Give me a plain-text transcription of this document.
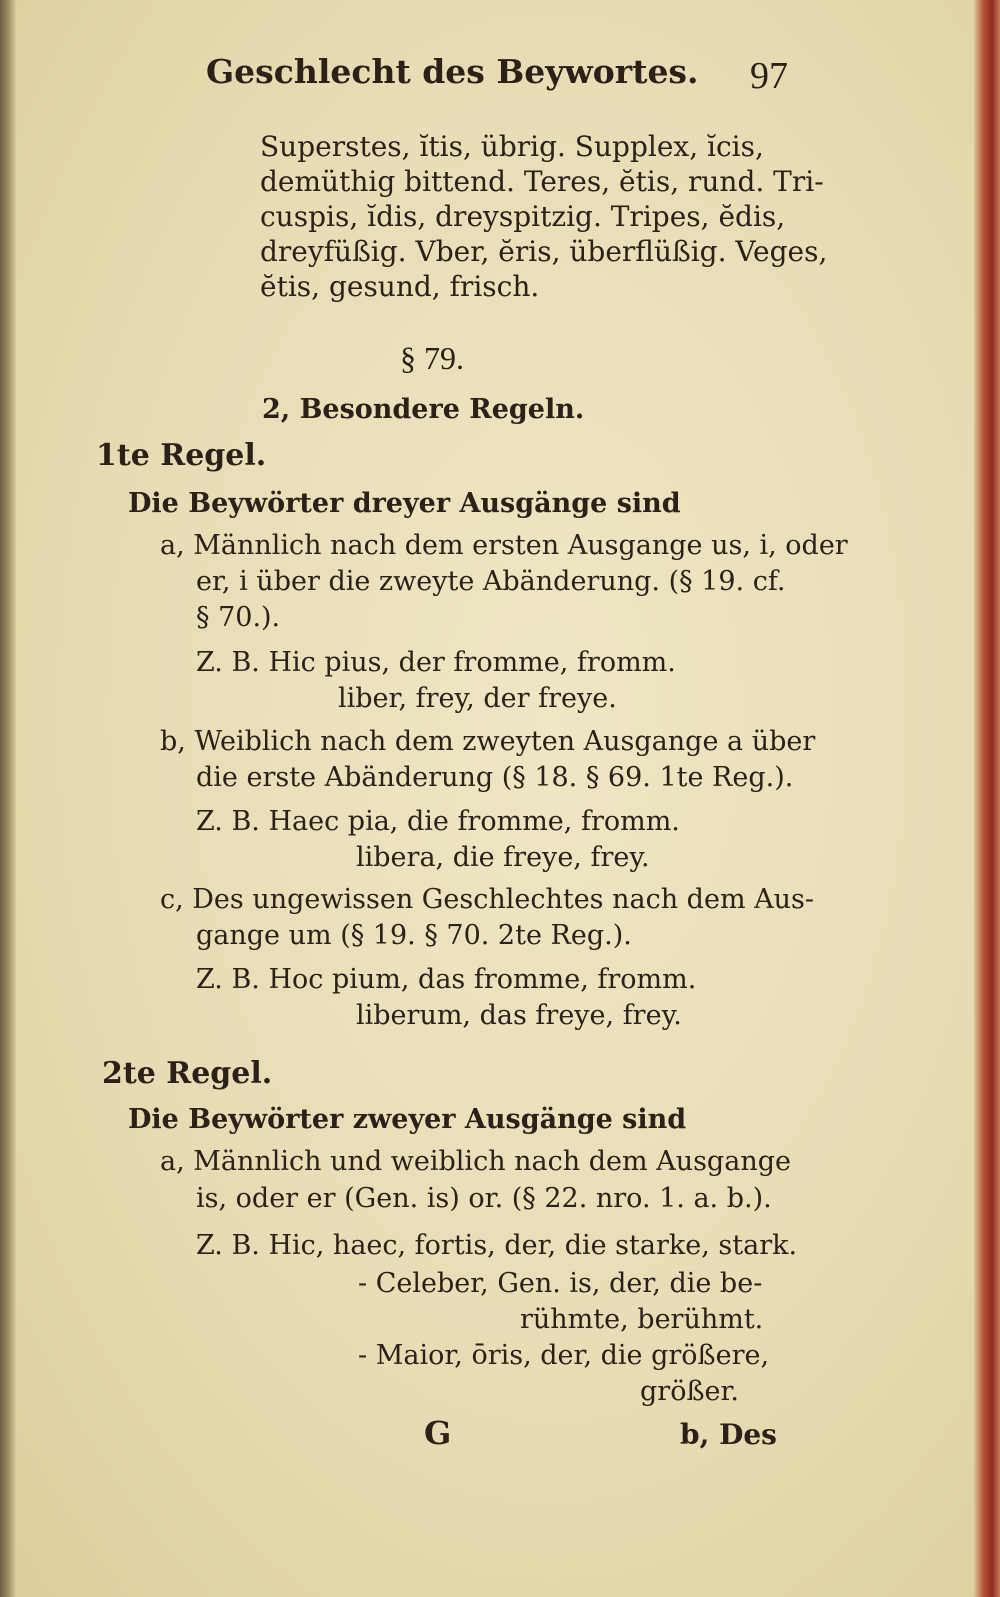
Geschlecht des Beywortes. 97
Superstes, ĭtis, übrig. Supplex, ĭcis,
demüthig bittend. Teres, ĕtis, rund. Tri-
cuspis, ĭdis, dreyspitzig. Tripes, ĕdis,
dreyfüßig. Vber, ĕris, überflüßig. Veges,
ĕtis, gesund, frisch.
§ 79.
2, Besondere Regeln.
1te Regel.
Die Beywörter dreyer Ausgänge sind
a, Männlich nach dem ersten Ausgange us, i, oder
er, i über die zweyte Abänderung. (§ 19. cf.
§ 70.).
Z. B. Hic pius, der fromme, fromm.
liber, frey, der freye.
b, Weiblich nach dem zweyten Ausgange a über
die erste Abänderung (§ 18. § 69. 1te Reg.).
Z. B. Haec pia, die fromme, fromm.
libera, die freye, frey.
c, Des ungewissen Geschlechtes nach dem Aus-
gange um (§ 19. § 70. 2te Reg.).
Z. B. Hoc pium, das fromme, fromm.
liberum, das freye, frey.
2te Regel.
Die Beywörter zweyer Ausgänge sind
a, Männlich und weiblich nach dem Ausgange
is, oder er (Gen. is) or. (§ 22. nro. 1. a. b.).
Z. B. Hic, haec, fortis, der, die starke, stark.
- Celeber, Gen. is, der, die be-
rühmte, berühmt.
- Maior, ōris, der, die größere,
größer.
G	b, Des
